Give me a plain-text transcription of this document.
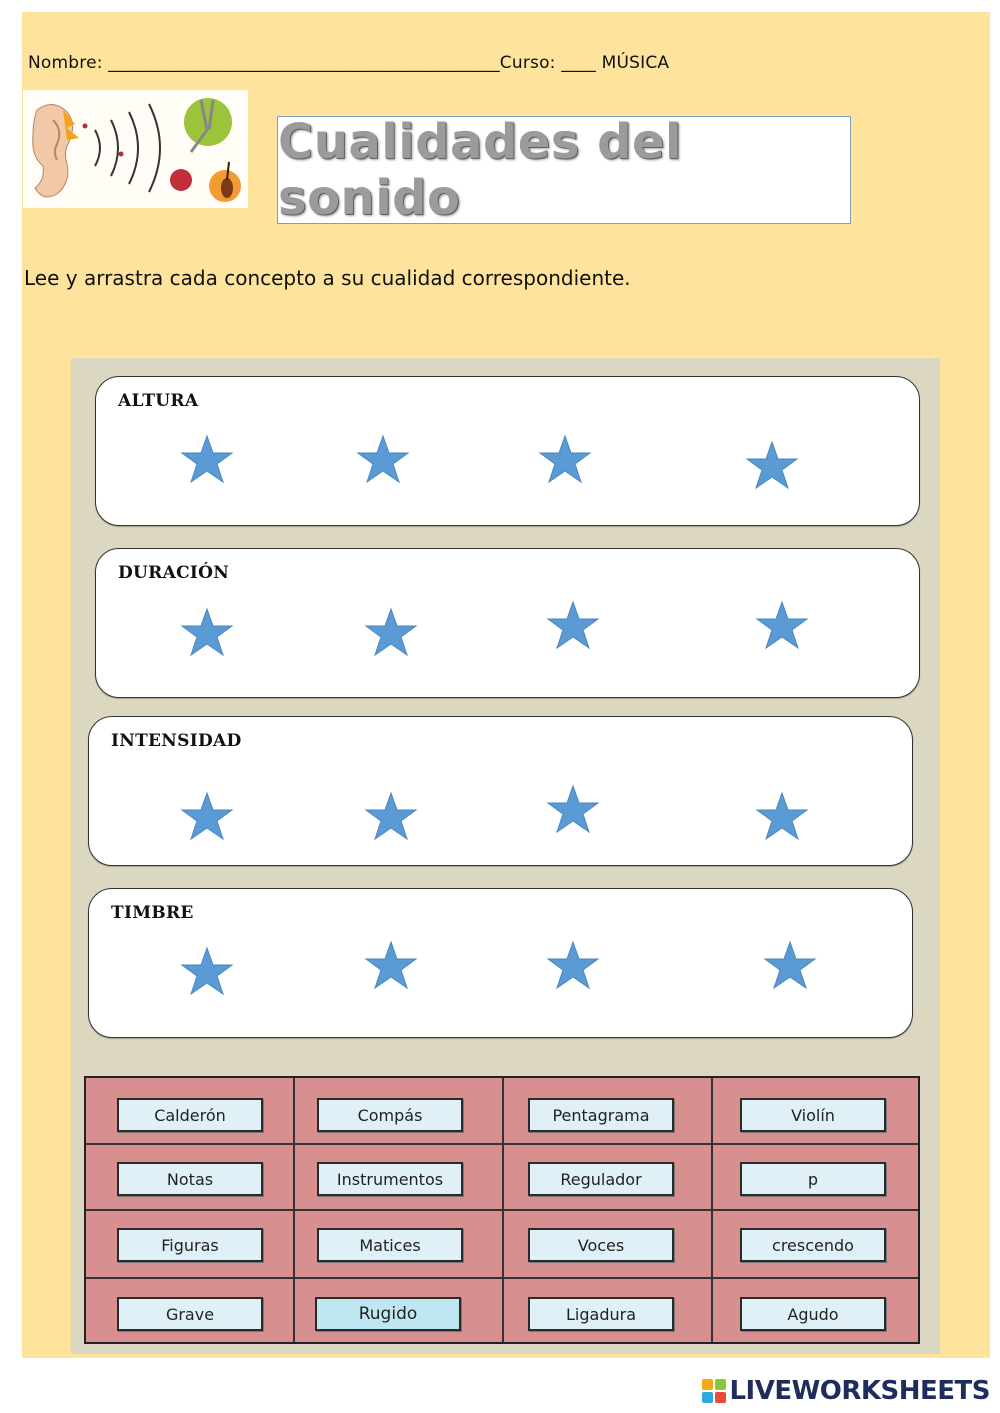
Nombre: _____________________________________________Curso: ____ MÚSICA
Cualidades del sonido
Lee y arrastra cada concepto a su cualidad correspondiente.
ALTURA
DURACIÓN
INTENSIDAD
TIMBRE
Calderón	Compás	Pentagrama	Violín
Notas	Instrumentos	Regulador	p
Figuras	Matices	Voces	crescendo
Grave	Rugido	Ligadura	Agudo
LIVEWORKSHEETS
